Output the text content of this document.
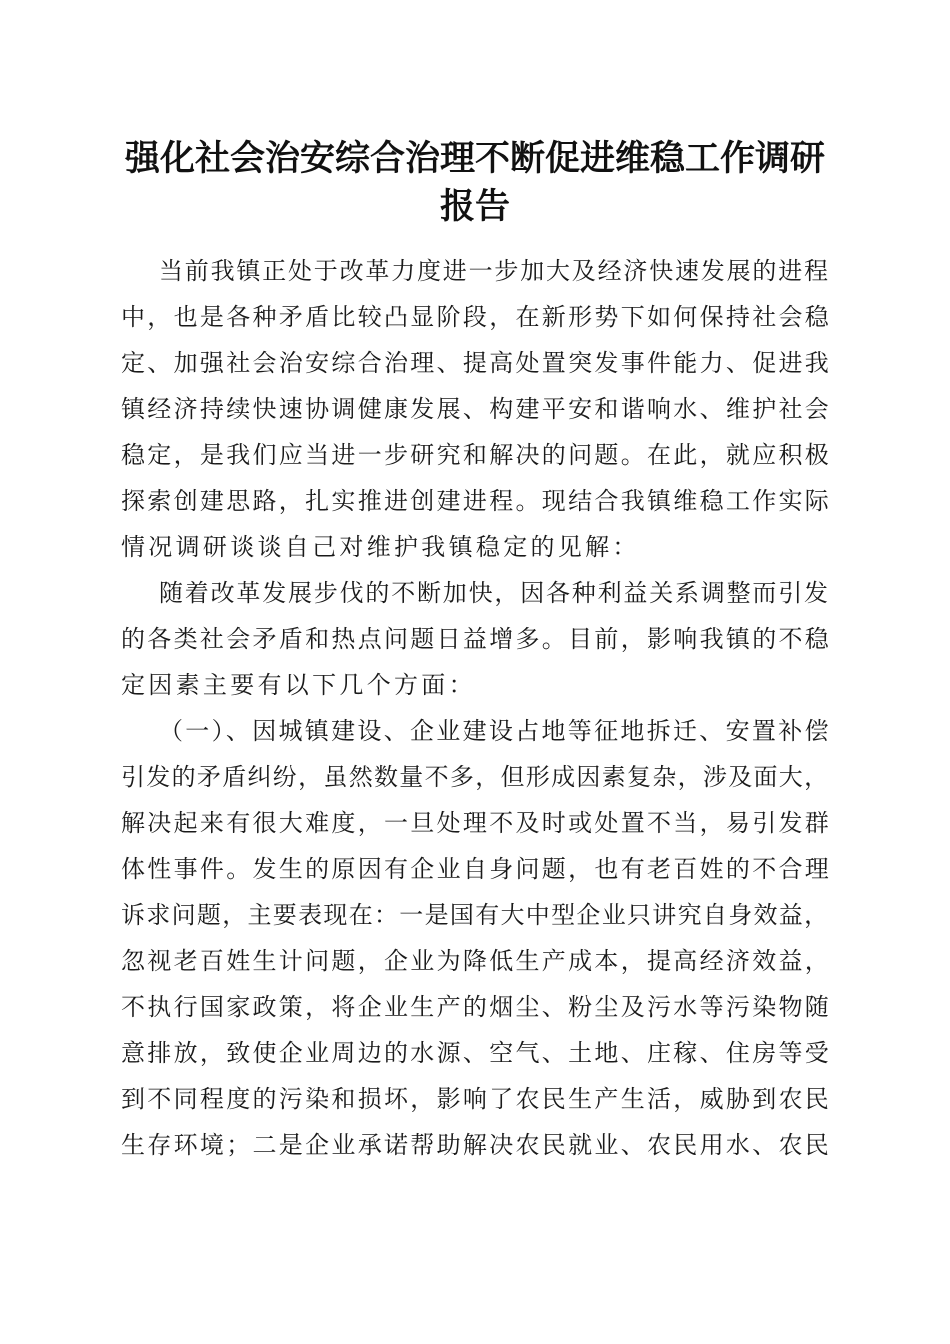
强化社会治安综合治理不断促进维稳工作调研
报告
当前我镇正处于改革力度进一步加大及经济快速发展的进程
中，也是各种矛盾比较凸显阶段，在新形势下如何保持社会稳
定、加强社会治安综合治理、提高处置突发事件能力、促进我
镇经济持续快速协调健康发展、构建平安和谐响水、维护社会
稳定，是我们应当进一步研究和解决的问题。在此，就应积极
探索创建思路，扎实推进创建进程。现结合我镇维稳工作实际
情况调研谈谈自己对维护我镇稳定的见解：
随着改革发展步伐的不断加快，因各种利益关系调整而引发
的各类社会矛盾和热点问题日益增多。目前，影响我镇的不稳
定因素主要有以下几个方面：
（一）、因城镇建设、企业建设占地等征地拆迁、安置补偿
引发的矛盾纠纷，虽然数量不多，但形成因素复杂，涉及面大，
解决起来有很大难度，一旦处理不及时或处置不当，易引发群
体性事件。发生的原因有企业自身问题，也有老百姓的不合理
诉求问题，主要表现在：一是国有大中型企业只讲究自身效益，
忽视老百姓生计问题，企业为降低生产成本，提高经济效益，
不执行国家政策，将企业生产的烟尘、粉尘及污水等污染物随
意排放，致使企业周边的水源、空气、土地、庄稼、住房等受
到不同程度的污染和损坏，影响了农民生产生活，威胁到农民
生存环境；二是企业承诺帮助解决农民就业、农民用水、农民
